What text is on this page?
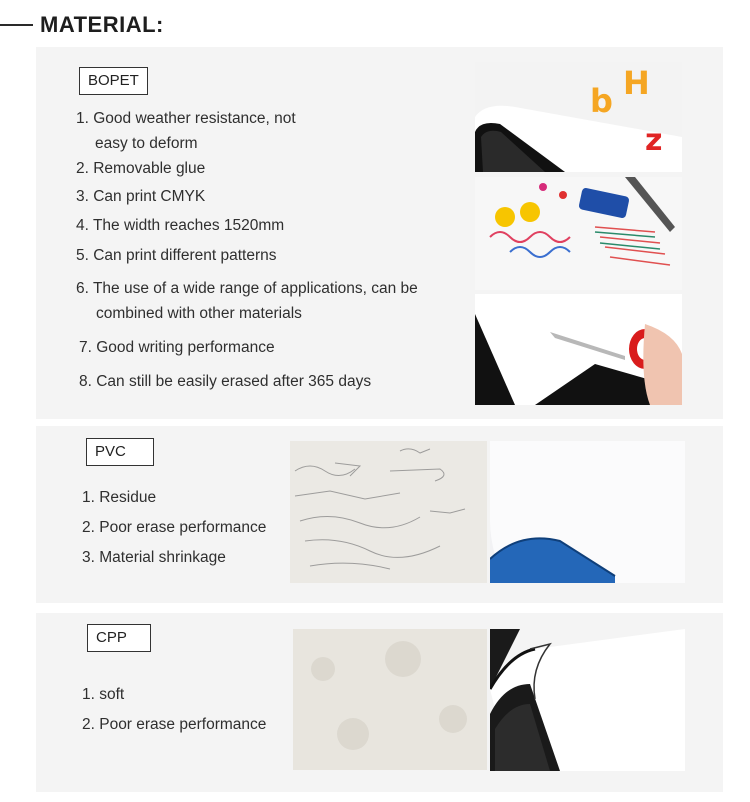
MATERIAL:
BOPET
1. Good weather resistance, not
easy to deform
2. Removable glue
3. Can print CMYK
4. The width reaches 1520mm
5. Can print different patterns
6. The use of a wide range of applications, can be
combined with other materials
7. Good writing performance
8. Can still be easily erased after 365 days
b H
z
PVC
1. Residue
2. Poor erase performance
3. Material shrinkage
CPP
1. soft
2. Poor erase performance
